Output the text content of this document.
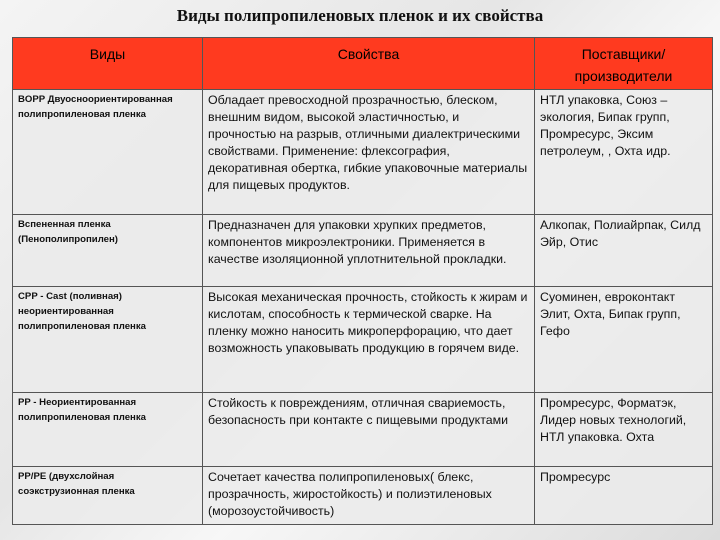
Виды полипропиленовых пленок и их свойства
Виды	Свойства	Поставщики/ производители
BOPP Двуосноориентированная полипропиленовая пленка	Обладает превосходной прозрачностью, блеском, внешним видом, высокой эластичностью, и прочностью на разрыв, отличными диалектрическими свойствами. Применение: флексография, декоративная обертка, гибкие упаковочные материалы для пищевых продуктов.	НТЛ упаковка, Союз – экология, Бипак групп, Промресурс, Эксим петролеум, , Охта идр.
Вспененная пленка (Пенополипропилен)	Предназначен для упаковки хрупких предметов, компонентов микроэлектроники. Применяется в качестве изоляционной уплотнительной прокладки.	Алкопак, Полиайрпак, Силд Эйр, Отис
CPP - Cast (поливная) неориентированная полипропиленовая пленка	Высокая механическая прочность, стойкость к жирам и кислотам, способность к термической сварке. На пленку можно наносить микроперфорацию, что дает возможность упаковывать продукцию в горячем виде.	Суоминен, евроконтакт Элит, Охта, Бипак групп, Гефо
PP - Неориентированная полипропиленовая пленка	Стойкость к повреждениям, отличная свариемость, безопасность при контакте с пищевыми продуктами	Промресурс, Форматэк, Лидер новых технологий, НТЛ упаковка. Охта
PP/PE (двухслойная соэкструзионная пленка	Сочетает качества полипропиленовых( блекс, прозрачность, жиростойкость) и полиэтиленовых (морозоустойчивость)	Промресурс
